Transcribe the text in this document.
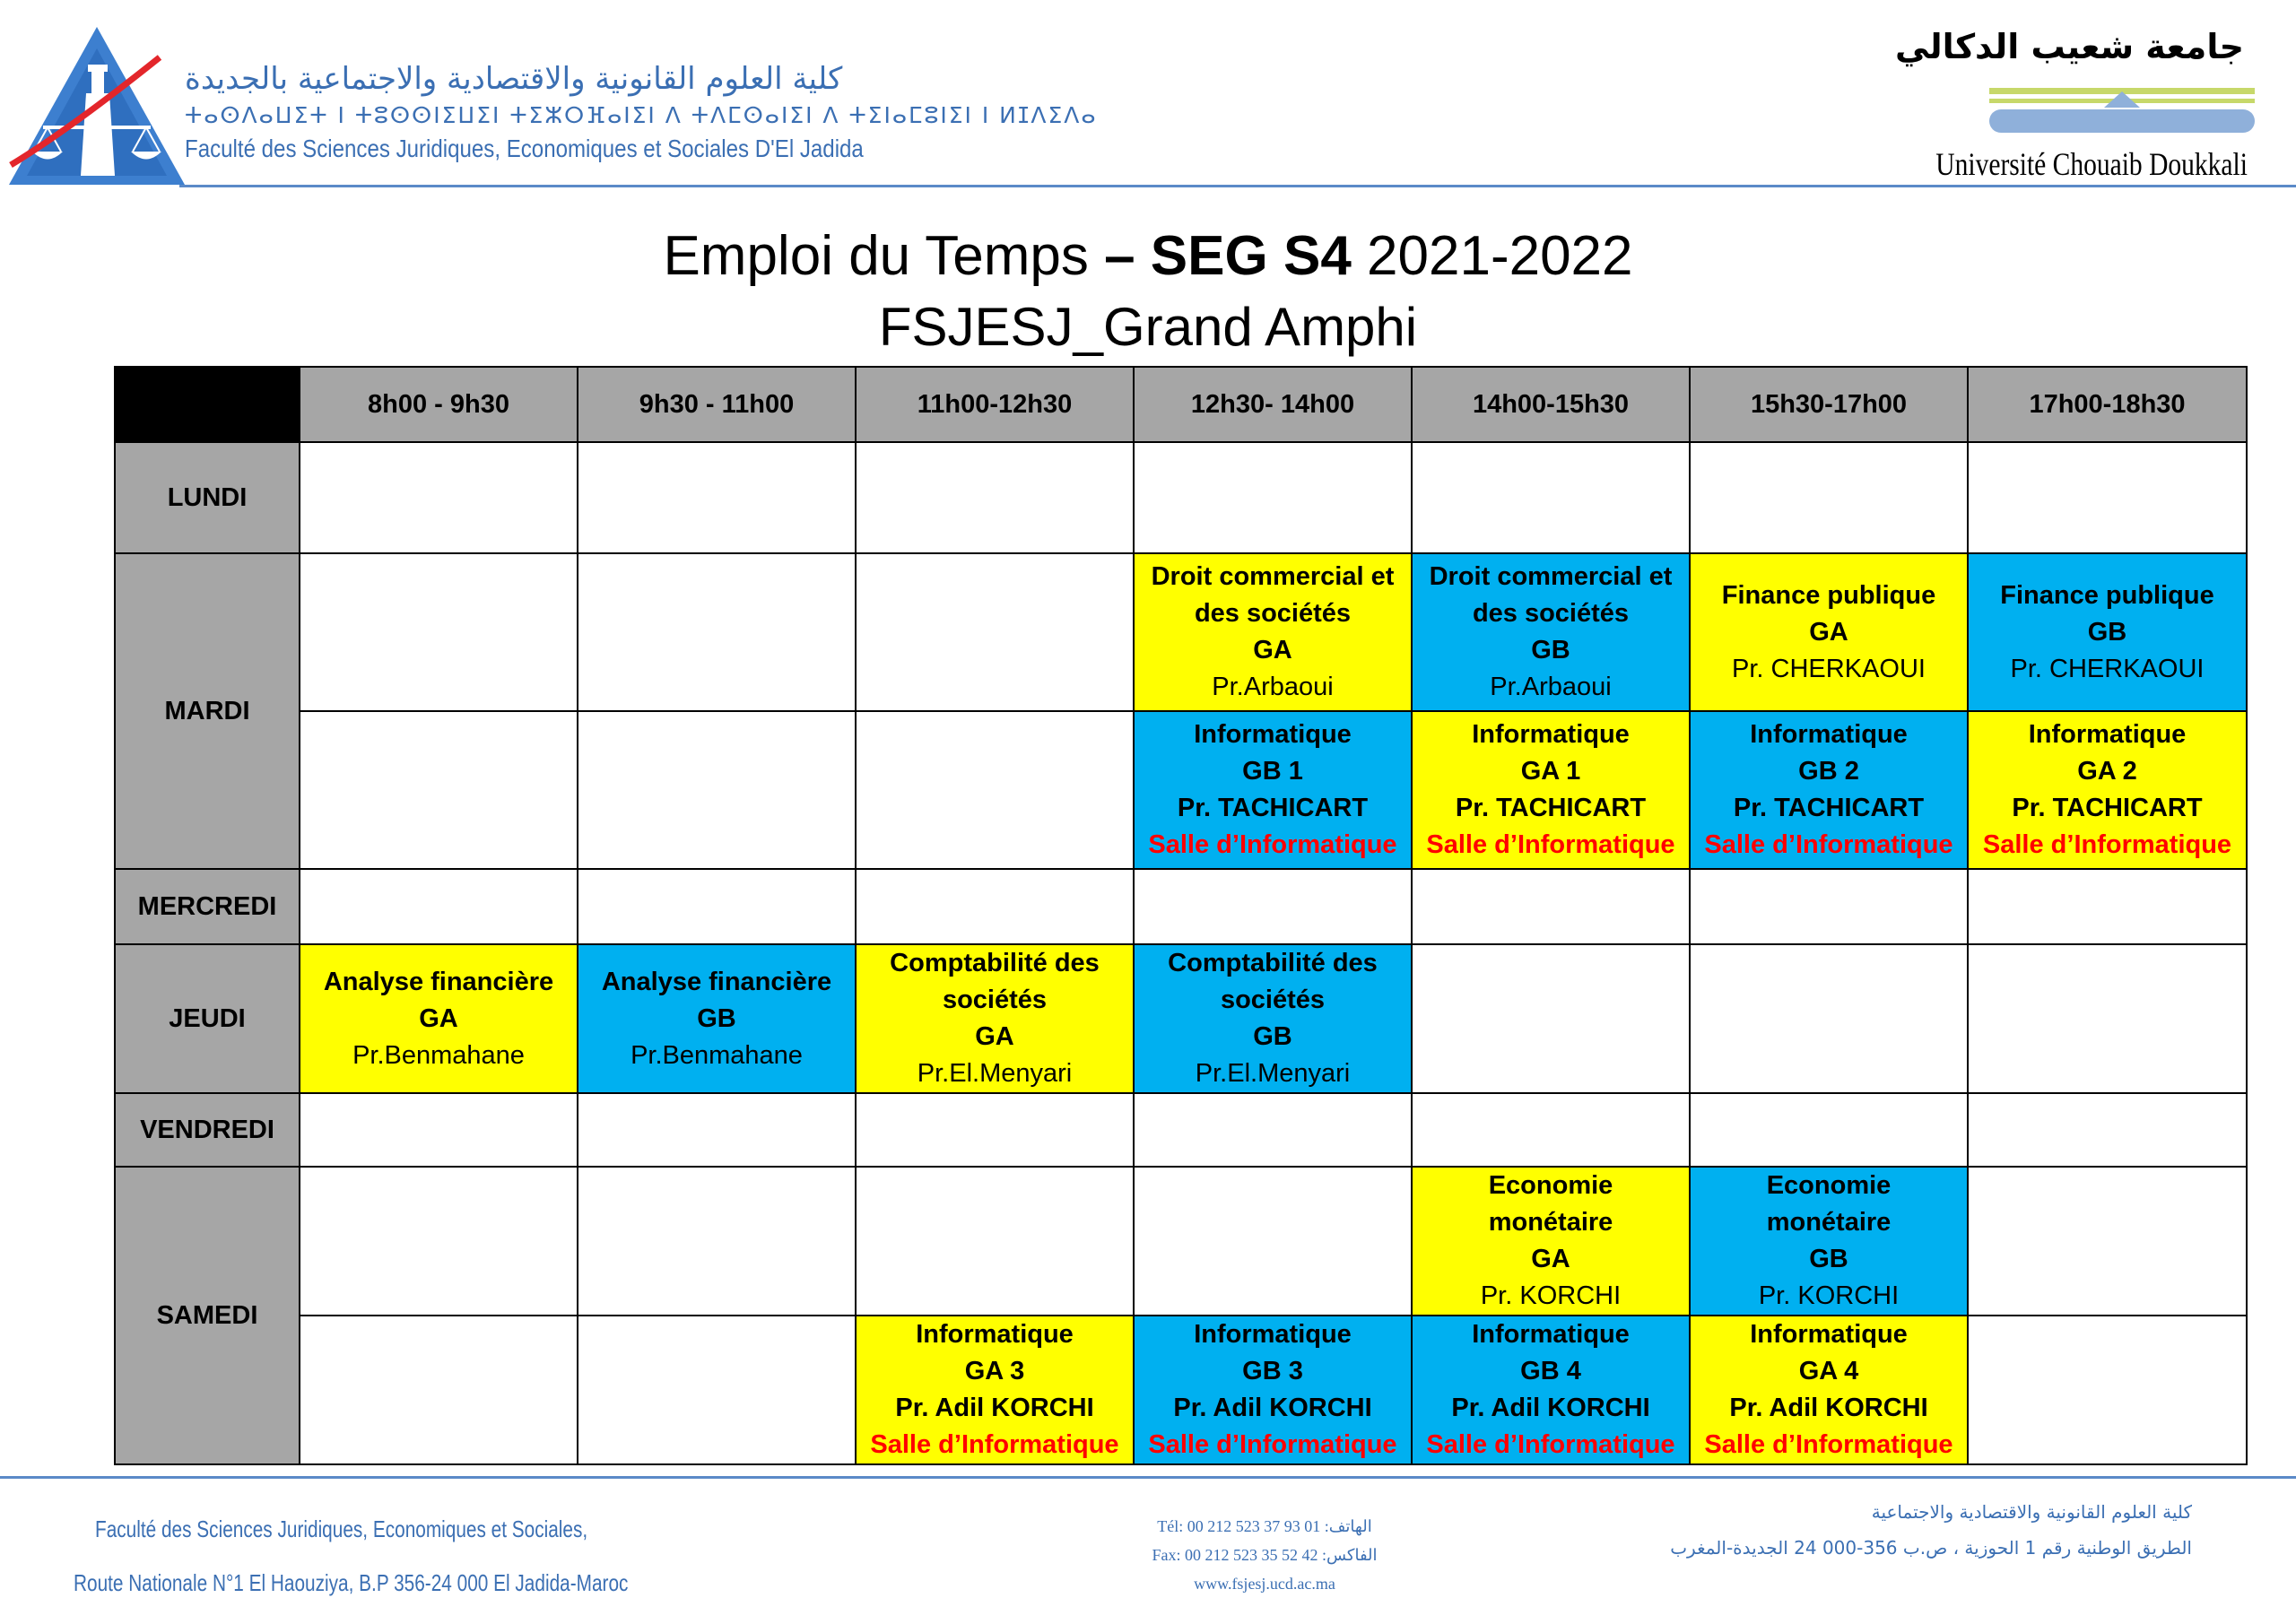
كلية العلوم القانونية والاقتصادية والاجتماعية بالجديدة
ⵜⴰⵙⴷⴰⵡⵉⵜ ⵏ ⵜⵓⵙⵙⵏⵉⵡⵉⵏ ⵜⵉⵣⵔⴼⴰⵏⵉⵏ ⴷ ⵜⴷⵎⵙⴰⵏⵉⵏ ⴷ ⵜⵉⵏⴰⵎⵓⵏⵉⵏ ⵏ ⵍⵊⴷⵉⴷⴰ
Faculté des Sciences Juridiques, Economiques et Sociales D'El Jadida
جامعة شعيب الدكالي
Université Chouaib Doukkali
Emploi du Temps – SEG S4 2021-2022
FSJESJ_Grand Amphi
	8h00 - 9h30	9h30 - 11h00	11h00-12h30	12h30- 14h00	14h00-15h30	15h30-17h00	17h00-18h30
LUNDI							
MARDI				Droit commercial et
des sociétés
GA
Pr.Arbaoui	Droit commercial et
des sociétés
GB
Pr.Arbaoui	Finance publique
GA
Pr. CHERKAOUI	Finance publique
GB
Pr. CHERKAOUI

				Informatique
GB 1
Pr. TACHICART
Salle d’Informatique	Informatique
GA 1
Pr. TACHICART
Salle d’Informatique	Informatique
GB 2
Pr. TACHICART
Salle d’Informatique	Informatique
GA 2
Pr. TACHICART
Salle d’Informatique

MERCREDI							
JEUDI	Analyse financière
GA
Pr.Benmahane	Analyse financière
GB
Pr.Benmahane	Comptabilité des
sociétés
GA
Pr.El.Menyari	Comptabilité des
sociétés
GB
Pr.El.Menyari			

VENDREDI							
SAMEDI					Economie
monétaire
GA
Pr. KORCHI	Economie
monétaire
GB
Pr. KORCHI	

			Informatique
GA 3
Pr. Adil KORCHI
Salle d’Informatique	Informatique
GB 3
Pr. Adil KORCHI
Salle d’Informatique	Informatique
GB 4
Pr. Adil KORCHI
Salle d’Informatique	Informatique
GA 4
Pr. Adil KORCHI
Salle d’Informatique	

Faculté des Sciences Juridiques, Economiques et Sociales,
Route Nationale N°1 El Haouziya, B.P 356-24 000 El Jadida-Maroc
Tél: 00 212 523 37 93 01 :الهاتف
Fax: 00 212 523 35 52 42 :الفاكس
www.fsjesj.ucd.ac.ma
كلية العلوم القانونية والاقتصادية والاجتماعية
الطريق الوطنية رقم 1 الحوزية ، ص.ب 356-000 24 الجديدة-المغرب
